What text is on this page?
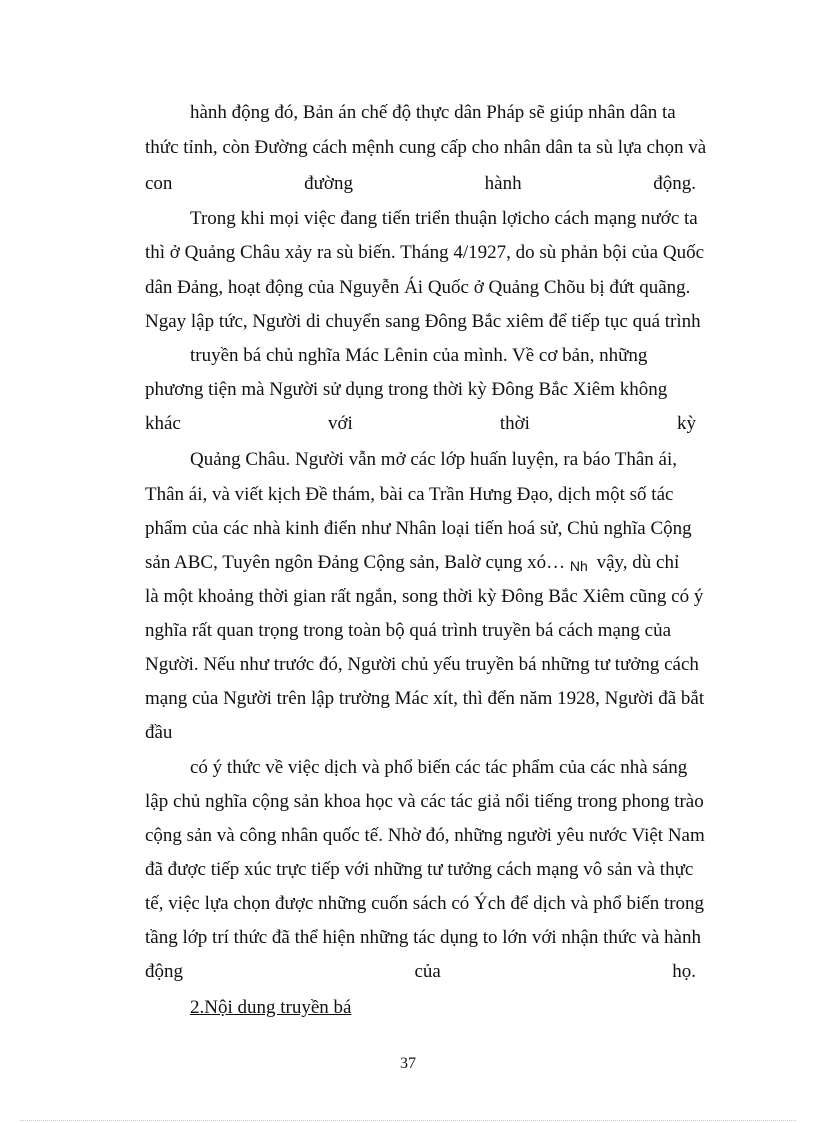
hành động đó, Bản án chế độ thực dân Pháp sẽ giúp nhân dân ta
thức tỉnh, còn Đường cách mệnh cung cấp cho nhân dân ta sù lựa chọn và
con	đường	hành	động.
Trong khi mọi việc đang tiến triển thuận lợicho cách mạng nước ta
thì ở Quảng Châu xảy ra sù biến. Tháng 4/1927, do sù phản bội của Quốc
dân Đảng, hoạt động của Nguyễn Ái Quốc ở Quảng Chõu bị đứt quãng.
Ngay lập tức, Người di chuyển sang Đông Bắc xiêm để tiếp tục quá trình
truyền bá chủ nghĩa Mác Lênin của mình. Về cơ bản, những
phương tiện mà Người sử dụng trong thời kỳ Đông Bắc Xiêm không
khác	với	thời	kỳ
Quảng Châu. Người vẫn mở các lớp huấn luyện, ra báo Thân ái,
Thân ái, và viết kịch Đề thám, bài ca Trần Hưng Đạo, dịch một số tác
phẩm của các nhà kinh điển như Nhân loại tiến hoá sử, Chủ nghĩa Cộng
sản ABC, Tuyên ngôn Đảng Cộng sản, Balờ cụng xó… Nh vậy, dù chỉ
là một khoảng thời gian rất ngắn, song thời kỳ Đông Bắc Xiêm cũng có ý
nghĩa rất quan trọng trong toàn bộ quá trình truyền bá cách mạng của
Người. Nếu như trước đó, Người chủ yếu truyền bá những tư tưởng cách
mạng của Người trên lập trường Mác xít, thì đến năm 1928, Người đã bắt
đầu
có ý thức về việc dịch và phổ biến các tác phẩm của các nhà sáng
lập chủ nghĩa cộng sản khoa học và các tác giả nổi tiếng trong phong trào
cộng sản và công nhân quốc tế. Nhờ đó, những người yêu nước Việt Nam
đã được tiếp xúc trực tiếp với những tư tưởng cách mạng vô sản và thực
tế, việc lựa chọn được những cuốn sách có Ých để dịch và phổ biến trong
tầng lớp trí thức đã thể hiện những tác dụng to lớn với nhận thức và hành
động	của	họ.
2.Nội dung truyền bá
37
